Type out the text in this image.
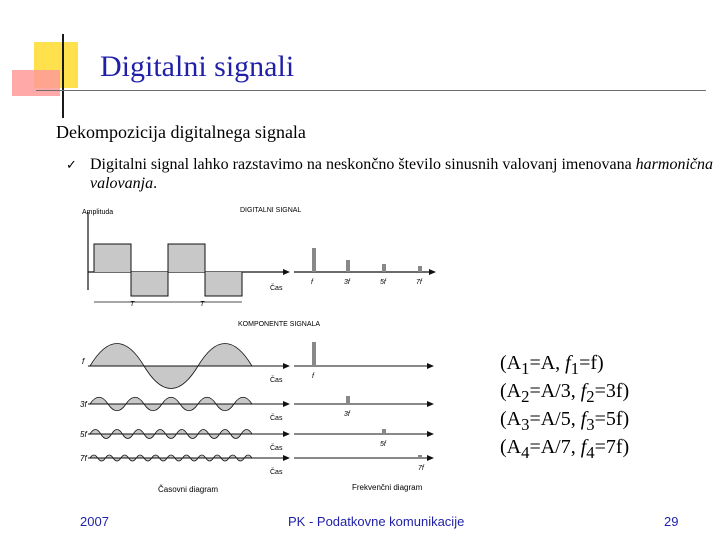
Digitalni signali
Dekompozicija digitalnega signala
✓ Digitalni signal lahko razstavimo na neskončno število sinusnih valovanj imenovana harmonična valovanja.
Amplituda	DIGITALNI SIGNAL
Čas
T	T
f	3f	5f	7f
KOMPONENTE SIGNALA
f
Čas
f
3f
Čas
3f
5f
Čas
5f
7f
Čas
7f
Časovni diagram	Frekvenčni diagram
($A_1=A$, $f_1=f$)
($A_2=A/3$, $f_2=3f$)
($A_3=A/5$, $f_3=5f$)
($A_4=A/7$, $f_4=7f$)
2007	PK - Podatkovne komunikacije	29
